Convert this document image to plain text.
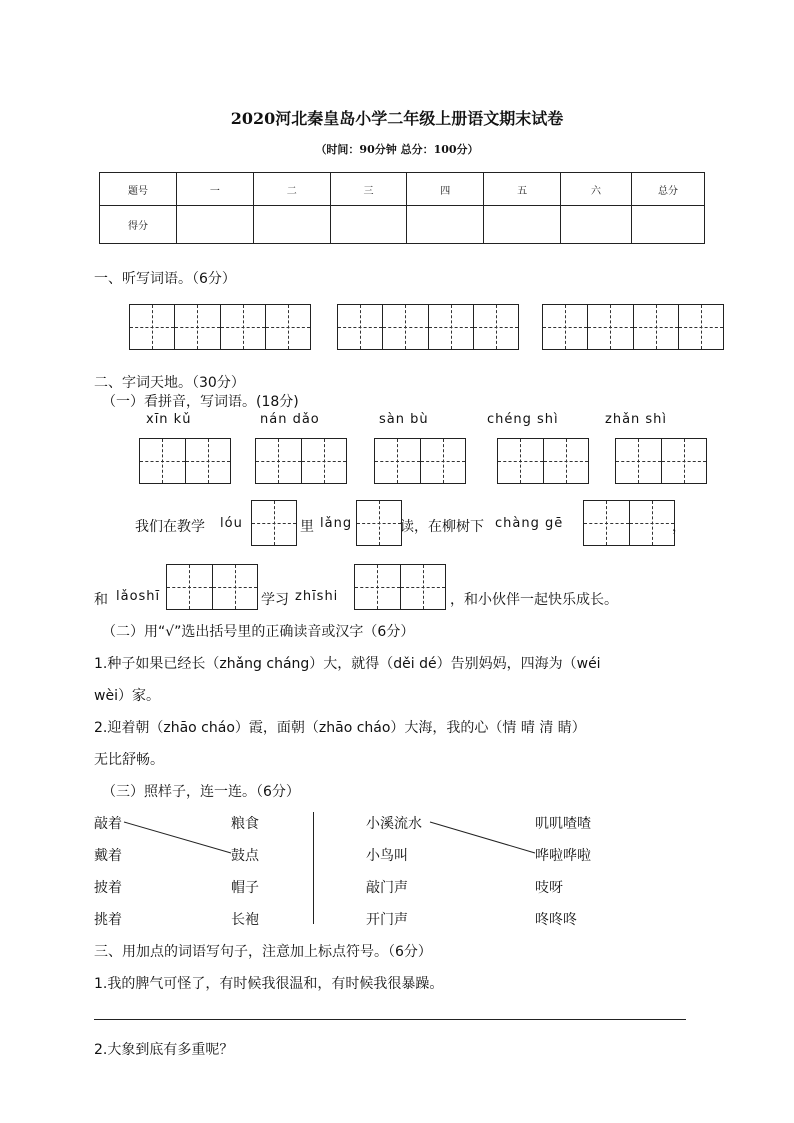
2020河北秦皇岛小学二年级上册语文期末试卷
（时间：90分钟 总分：100分）
题号	一	二	三	四	五	六	总分
得分							
一、听写词语。（6分）
二、字词天地。（30分）
（一）看拼音，写词语。(18分)
xīn kǔ	nán dǎo	sàn bù	chéng shì	zhǎn shì
我们在教学 lóu	里 lǎng	读，在柳树下 chàng gē	，
和 lǎoshī	学习 zhīshi	，和小伙伴一起快乐成长。
（二）用“√”选出括号里的正确读音或汉字（6分）
1.种子如果已经长（zhǎng cháng）大，就得（děi dé）告别妈妈，四海为（wéi
wèi）家。
2.迎着朝（zhāo cháo）霞，面朝（zhāo cháo）大海，我的心（情 晴 清 睛）
无比舒畅。
（三）照样子，连一连。（6分）
敲着
戴着
披着
挑着
粮食
鼓点
帽子
长袍
小溪流水
小鸟叫
敲门声
开门声
叽叽喳喳
哗啦哗啦
吱呀
咚咚咚
三、用加点的词语写句子，注意加上标点符号。（6分）
1.我的脾气可怪了，有时候我很温和，有时候我很暴躁。
2.大象到底有多重呢？
